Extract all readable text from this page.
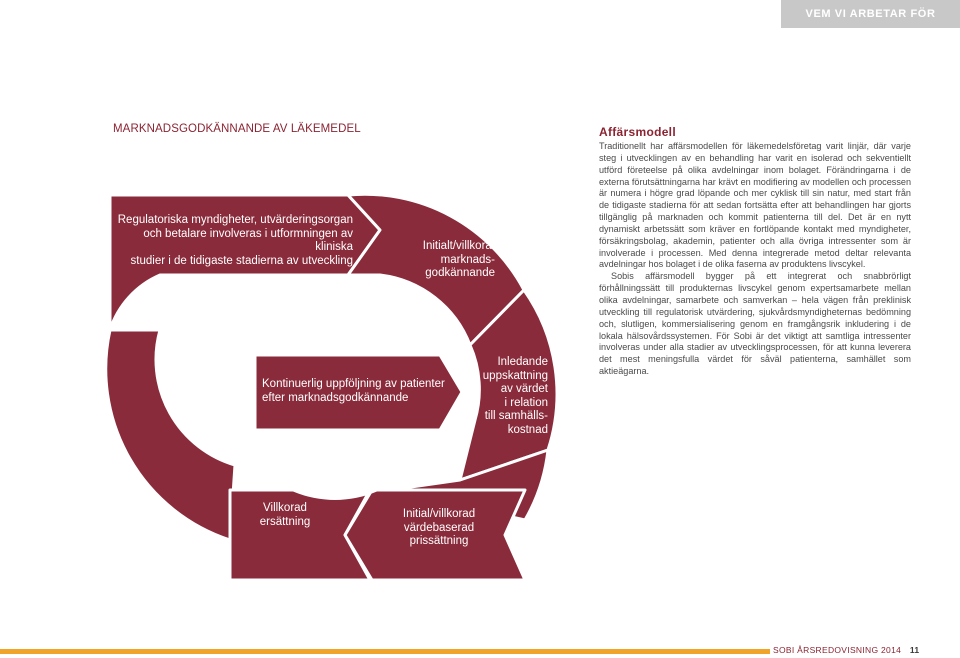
VEM VI ARBETAR FÖR
MARKNADSGODKÄNNANDE AV LÄKEMEDEL
Regulatoriska myndigheter, utvärderingsorgan
och betalare involveras i utformningen av kliniska
studier i de tidigaste stadierna av utveckling
Initialt/villkorat
marknads-
godkännande
Inledande
uppskattning
av värdet
i relation
till samhälls-
kostnad
Kontinuerlig uppföljning av patienter
efter marknadsgodkännande
Villkorad
ersättning
Initial/villkorad
värdebaserad
prissättning
Affärsmodell

Traditionellt har affärsmodellen för läkemedelsföretag varit linjär, där varje steg i utvecklingen av en behandling har varit en isolerad och sekventiellt utförd företeelse på olika avdelningar inom bolaget. Förändringarna i de externa förutsättningarna har krävt en modifiering av modellen och processen är numera i högre grad löpande och mer cyklisk till sin natur, med start från de tidigaste stadierna för att sedan fortsätta efter att behandlingen har gjorts tillgänglig på marknaden och kommit patienterna till del. Det är en nytt dynamiskt arbetssätt som kräver en fortlöpande kontakt med myndigheter, försäkringsbolag, akademin, patienter och alla övriga intressenter som är involverade i processen. Med denna integrerade metod deltar relevanta avdelningar hos bolaget i de olika faserna av produktens livscykel.

Sobis affärsmodell bygger på ett integrerat och snabbrörligt förhållningssätt till produkternas livscykel genom expertsamarbete mellan olika avdelningar, samarbete och samverkan – hela vägen från preklinisk utveckling till regulatorisk utvärdering, sjukvårdsmyndigheternas bedömning och, slutligen, kommersialisering genom en framgångsrik inkludering i de lokala hälsovårdssystemen. För Sobi är det viktigt att samtliga intressenter involveras under alla stadier av utvecklingsprocessen, för att kunna leverera det mest meningsfulla värdet för såväl patienterna, samhället som aktieägarna.

SOBI ÅRSREDOVISNING 2014 11
